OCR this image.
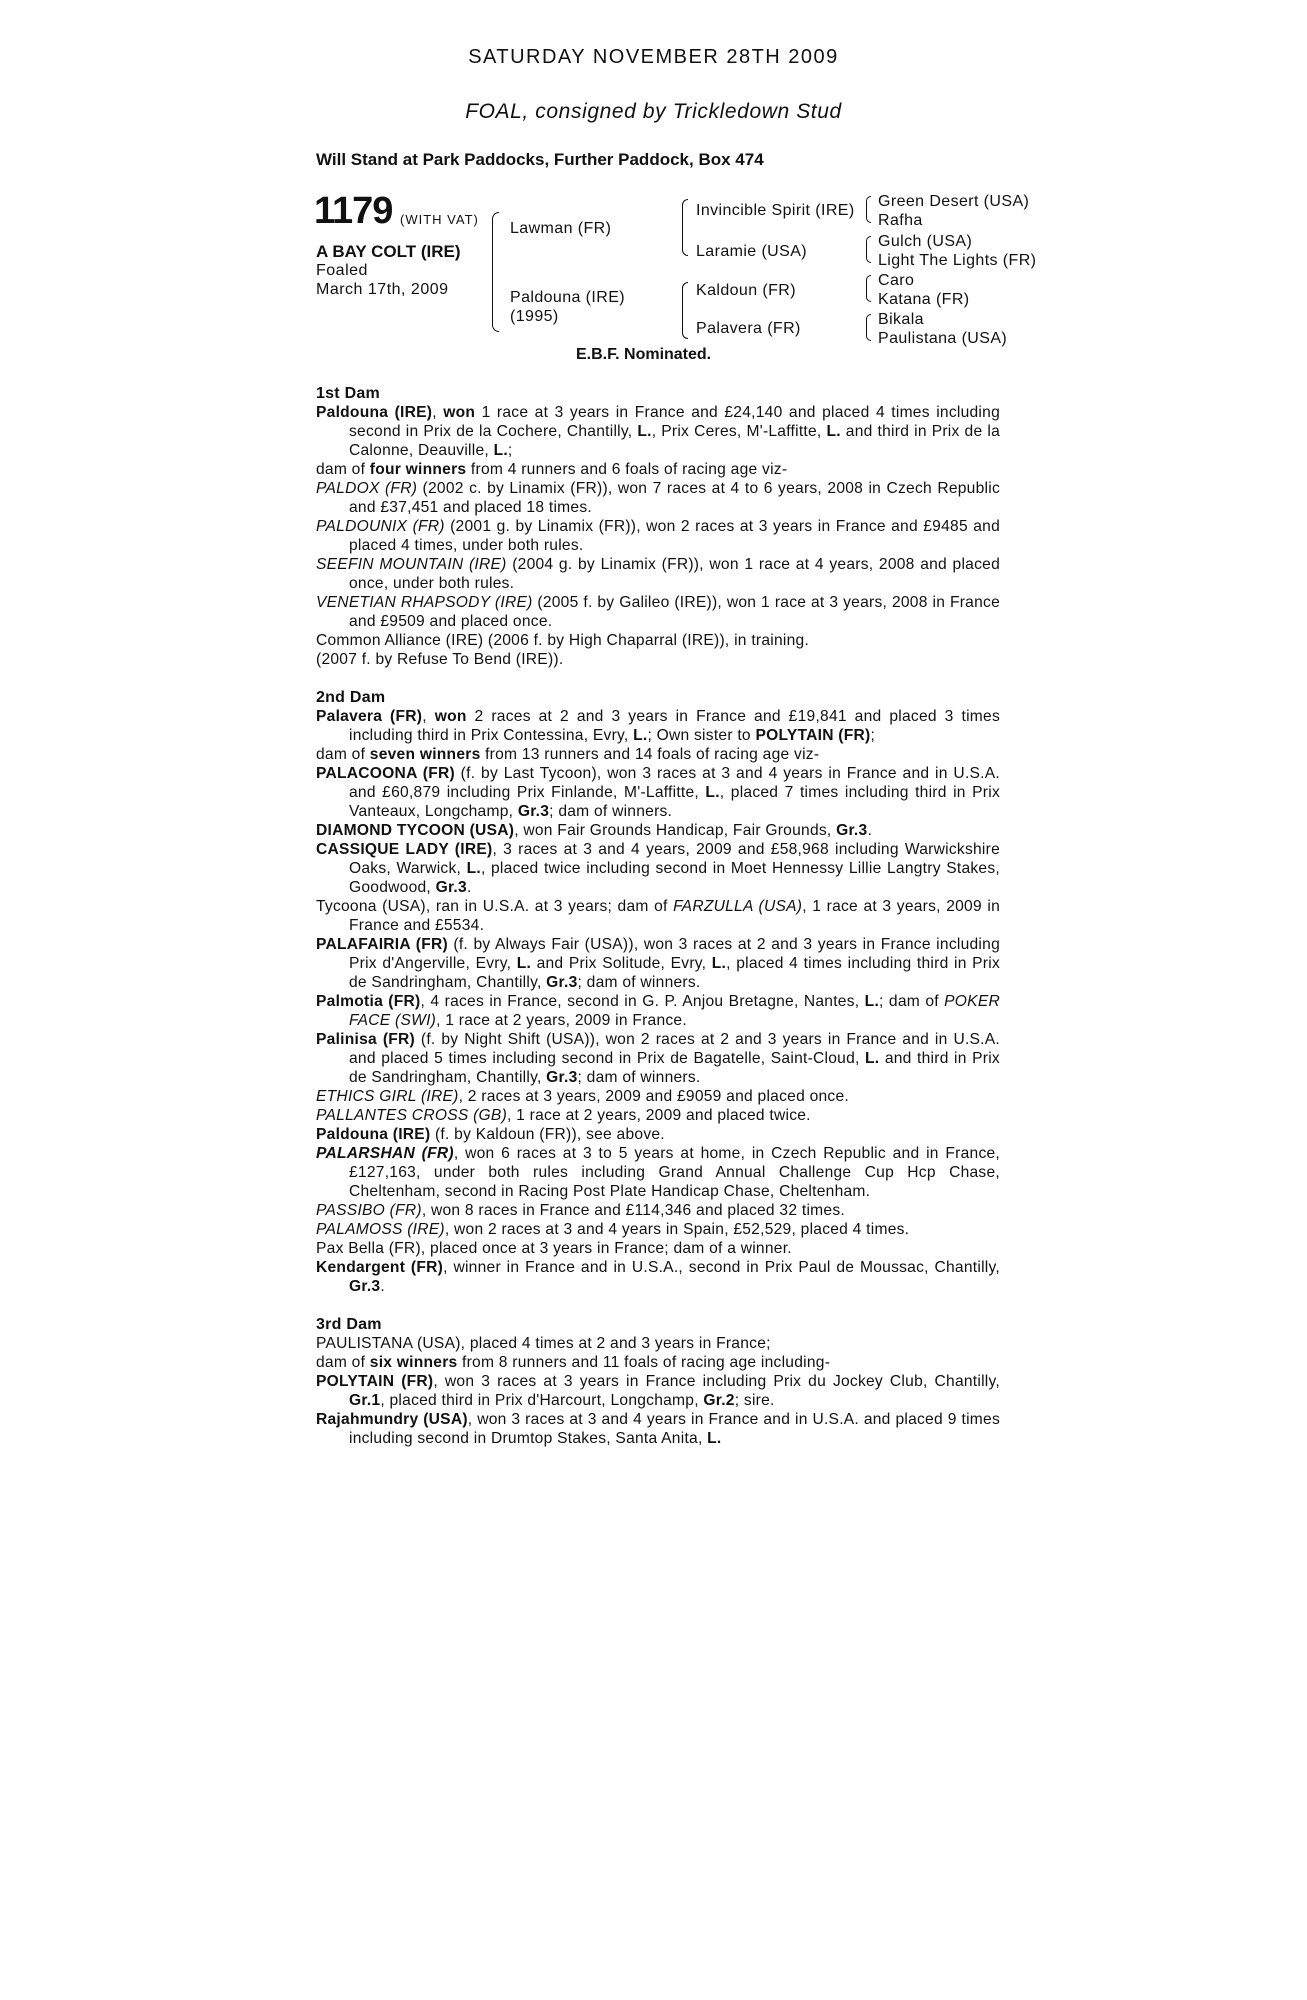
SATURDAY NOVEMBER 28TH 2009
FOAL, consigned by Trickledown Stud
Will Stand at Park Paddocks, Further Paddock, Box 474
1179 (WITH VAT)
A BAY COLT (IRE)
Foaled
March 17th, 2009
Lawman (FR)
Paldouna (IRE)
(1995)
Invincible Spirit (IRE)
Laramie (USA)
Kaldoun (FR)
Palavera (FR)
Green Desert (USA)
Rafha
Gulch (USA)
Light The Lights (FR)
Caro
Katana (FR)
Bikala
Paulistana (USA)
E.B.F. Nominated.

1st Dam

Paldouna (IRE), won 1 race at 3 years in France and £24,140 and placed 4 times including second in Prix de la Cochere, Chantilly, L., Prix Ceres, M'-Laffitte, L. and third in Prix de la Calonne, Deauville, L.;

dam of four winners from 4 runners and 6 foals of racing age viz-

PALDOX (FR) (2002 c. by Linamix (FR)), won 7 races at 4 to 6 years, 2008 in Czech Republic and £37,451 and placed 18 times.

PALDOUNIX (FR) (2001 g. by Linamix (FR)), won 2 races at 3 years in France and £9485 and placed 4 times, under both rules.

SEEFIN MOUNTAIN (IRE) (2004 g. by Linamix (FR)), won 1 race at 4 years, 2008 and placed once, under both rules.

VENETIAN RHAPSODY (IRE) (2005 f. by Galileo (IRE)), won 1 race at 3 years, 2008 in France and £9509 and placed once.

Common Alliance (IRE) (2006 f. by High Chaparral (IRE)), in training.

(2007 f. by Refuse To Bend (IRE)).

2nd Dam

Palavera (FR), won 2 races at 2 and 3 years in France and £19,841 and placed 3 times including third in Prix Contessina, Evry, L.; Own sister to POLYTAIN (FR);

dam of seven winners from 13 runners and 14 foals of racing age viz-

PALACOONA (FR) (f. by Last Tycoon), won 3 races at 3 and 4 years in France and in U.S.A. and £60,879 including Prix Finlande, M'-Laffitte, L., placed 7 times including third in Prix Vanteaux, Longchamp, Gr.3; dam of winners.

DIAMOND TYCOON (USA), won Fair Grounds Handicap, Fair Grounds, Gr.3.

CASSIQUE LADY (IRE), 3 races at 3 and 4 years, 2009 and £58,968 including Warwickshire Oaks, Warwick, L., placed twice including second in Moet Hennessy Lillie Langtry Stakes, Goodwood, Gr.3.

Tycoona (USA), ran in U.S.A. at 3 years; dam of FARZULLA (USA), 1 race at 3 years, 2009 in France and £5534.

PALAFAIRIA (FR) (f. by Always Fair (USA)), won 3 races at 2 and 3 years in France including Prix d'Angerville, Evry, L. and Prix Solitude, Evry, L., placed 4 times including third in Prix de Sandringham, Chantilly, Gr.3; dam of winners.

Palmotia (FR), 4 races in France, second in G. P. Anjou Bretagne, Nantes, L.; dam of POKER FACE (SWI), 1 race at 2 years, 2009 in France.

Palinisa (FR) (f. by Night Shift (USA)), won 2 races at 2 and 3 years in France and in U.S.A. and placed 5 times including second in Prix de Bagatelle, Saint-Cloud, L. and third in Prix de Sandringham, Chantilly, Gr.3; dam of winners.

ETHICS GIRL (IRE), 2 races at 3 years, 2009 and £9059 and placed once.

PALLANTES CROSS (GB), 1 race at 2 years, 2009 and placed twice.

Paldouna (IRE) (f. by Kaldoun (FR)), see above.

PALARSHAN (FR), won 6 races at 3 to 5 years at home, in Czech Republic and in France, £127,163, under both rules including Grand Annual Challenge Cup Hcp Chase, Cheltenham, second in Racing Post Plate Handicap Chase, Cheltenham.

PASSIBO (FR), won 8 races in France and £114,346 and placed 32 times.

PALAMOSS (IRE), won 2 races at 3 and 4 years in Spain, £52,529, placed 4 times.

Pax Bella (FR), placed once at 3 years in France; dam of a winner.

Kendargent (FR), winner in France and in U.S.A., second in Prix Paul de Moussac, Chantilly, Gr.3.

3rd Dam

PAULISTANA (USA), placed 4 times at 2 and 3 years in France;

dam of six winners from 8 runners and 11 foals of racing age including-

POLYTAIN (FR), won 3 races at 3 years in France including Prix du Jockey Club, Chantilly, Gr.1, placed third in Prix d'Harcourt, Longchamp, Gr.2; sire.

Rajahmundry (USA), won 3 races at 3 and 4 years in France and in U.S.A. and placed 9 times including second in Drumtop Stakes, Santa Anita, L.
